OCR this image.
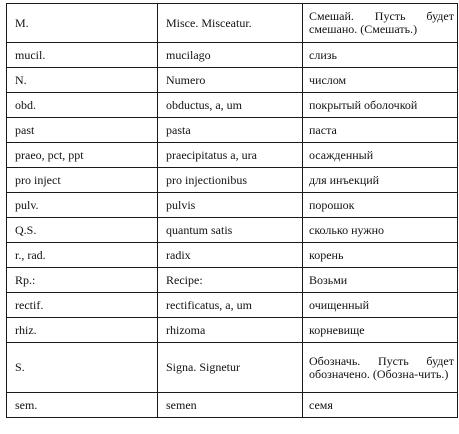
M.	Misce. Misceatur.	Смешай. Пусть будет смешано. (Смешать.)
mucil.	mucilago	слизь
N.	Numero	числом
obd.	obductus, a, um	покрытый оболочкой
past	pasta	паста
praeo, pct, ppt	praecipitatus a, ura	осажденный
pro inject	pro injectionibus	для инъекций
pulv.	pulvis	порошок
Q.S.	quantum satis	сколько нужно
r., rad.	radix	корень
Rp.:	Recipe:	Возьми
rectif.	rectificatus, a, um	очищенный
rhiz.	rhizoma	корневище
S.	Signa. Signetur	Обозначь. Пусть будет обозначено. (Обозна-чить.)
sem.	semen	семя
